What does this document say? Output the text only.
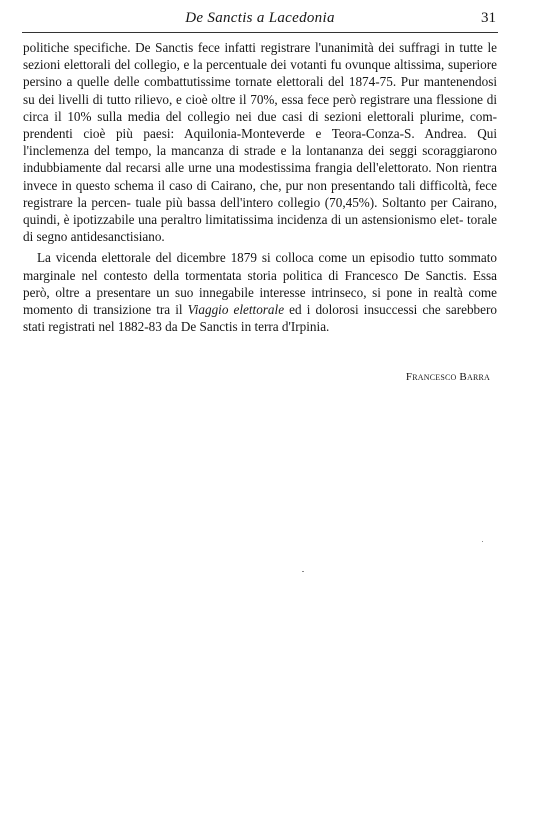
De Sanctis a Lacedonia	31

politiche specifiche. De Sanctis fece infatti registrare l'unanimità dei suffragi in tutte le sezioni elettorali del collegio, e la percentuale dei votanti fu ovunque altissima, superiore persino a quelle delle combattutissime tornate elettorali del 1874-75. Pur mantenendosi su dei livelli di tutto rilievo, e cioè oltre il 70%, essa fece però registrare una flessione di circa il 10% sulla media del collegio nei due casi di sezioni elettorali plurime, com- prendenti cioè più paesi: Aquilonia-Monteverde e Teora-Conza-S. Andrea. Qui l'inclemenza del tempo, la mancanza di strade e la lontananza dei seggi scoraggiarono indubbiamente dal recarsi alle urne una modestissima frangia dell'elettorato. Non rientra invece in questo schema il caso di Cairano, che, pur non presentando tali difficoltà, fece registrare la percen- tuale più bassa dell'intero collegio (70,45%). Soltanto per Cairano, quindi, è ipotizzabile una peraltro limitatissima incidenza di un astensionismo elet- torale di segno antidesanctisiano.

La vicenda elettorale del dicembre 1879 si colloca come un episodio tutto sommato marginale nel contesto della tormentata storia politica di Francesco De Sanctis. Essa però, oltre a presentare un suo innegabile interesse intrinseco, si pone in realtà come momento di transizione tra il Viaggio elettorale ed i dolorosi insuccessi che sarebbero stati registrati nel 1882-83 da De Sanctis in terra d'Irpinia.

Francesco Barra
